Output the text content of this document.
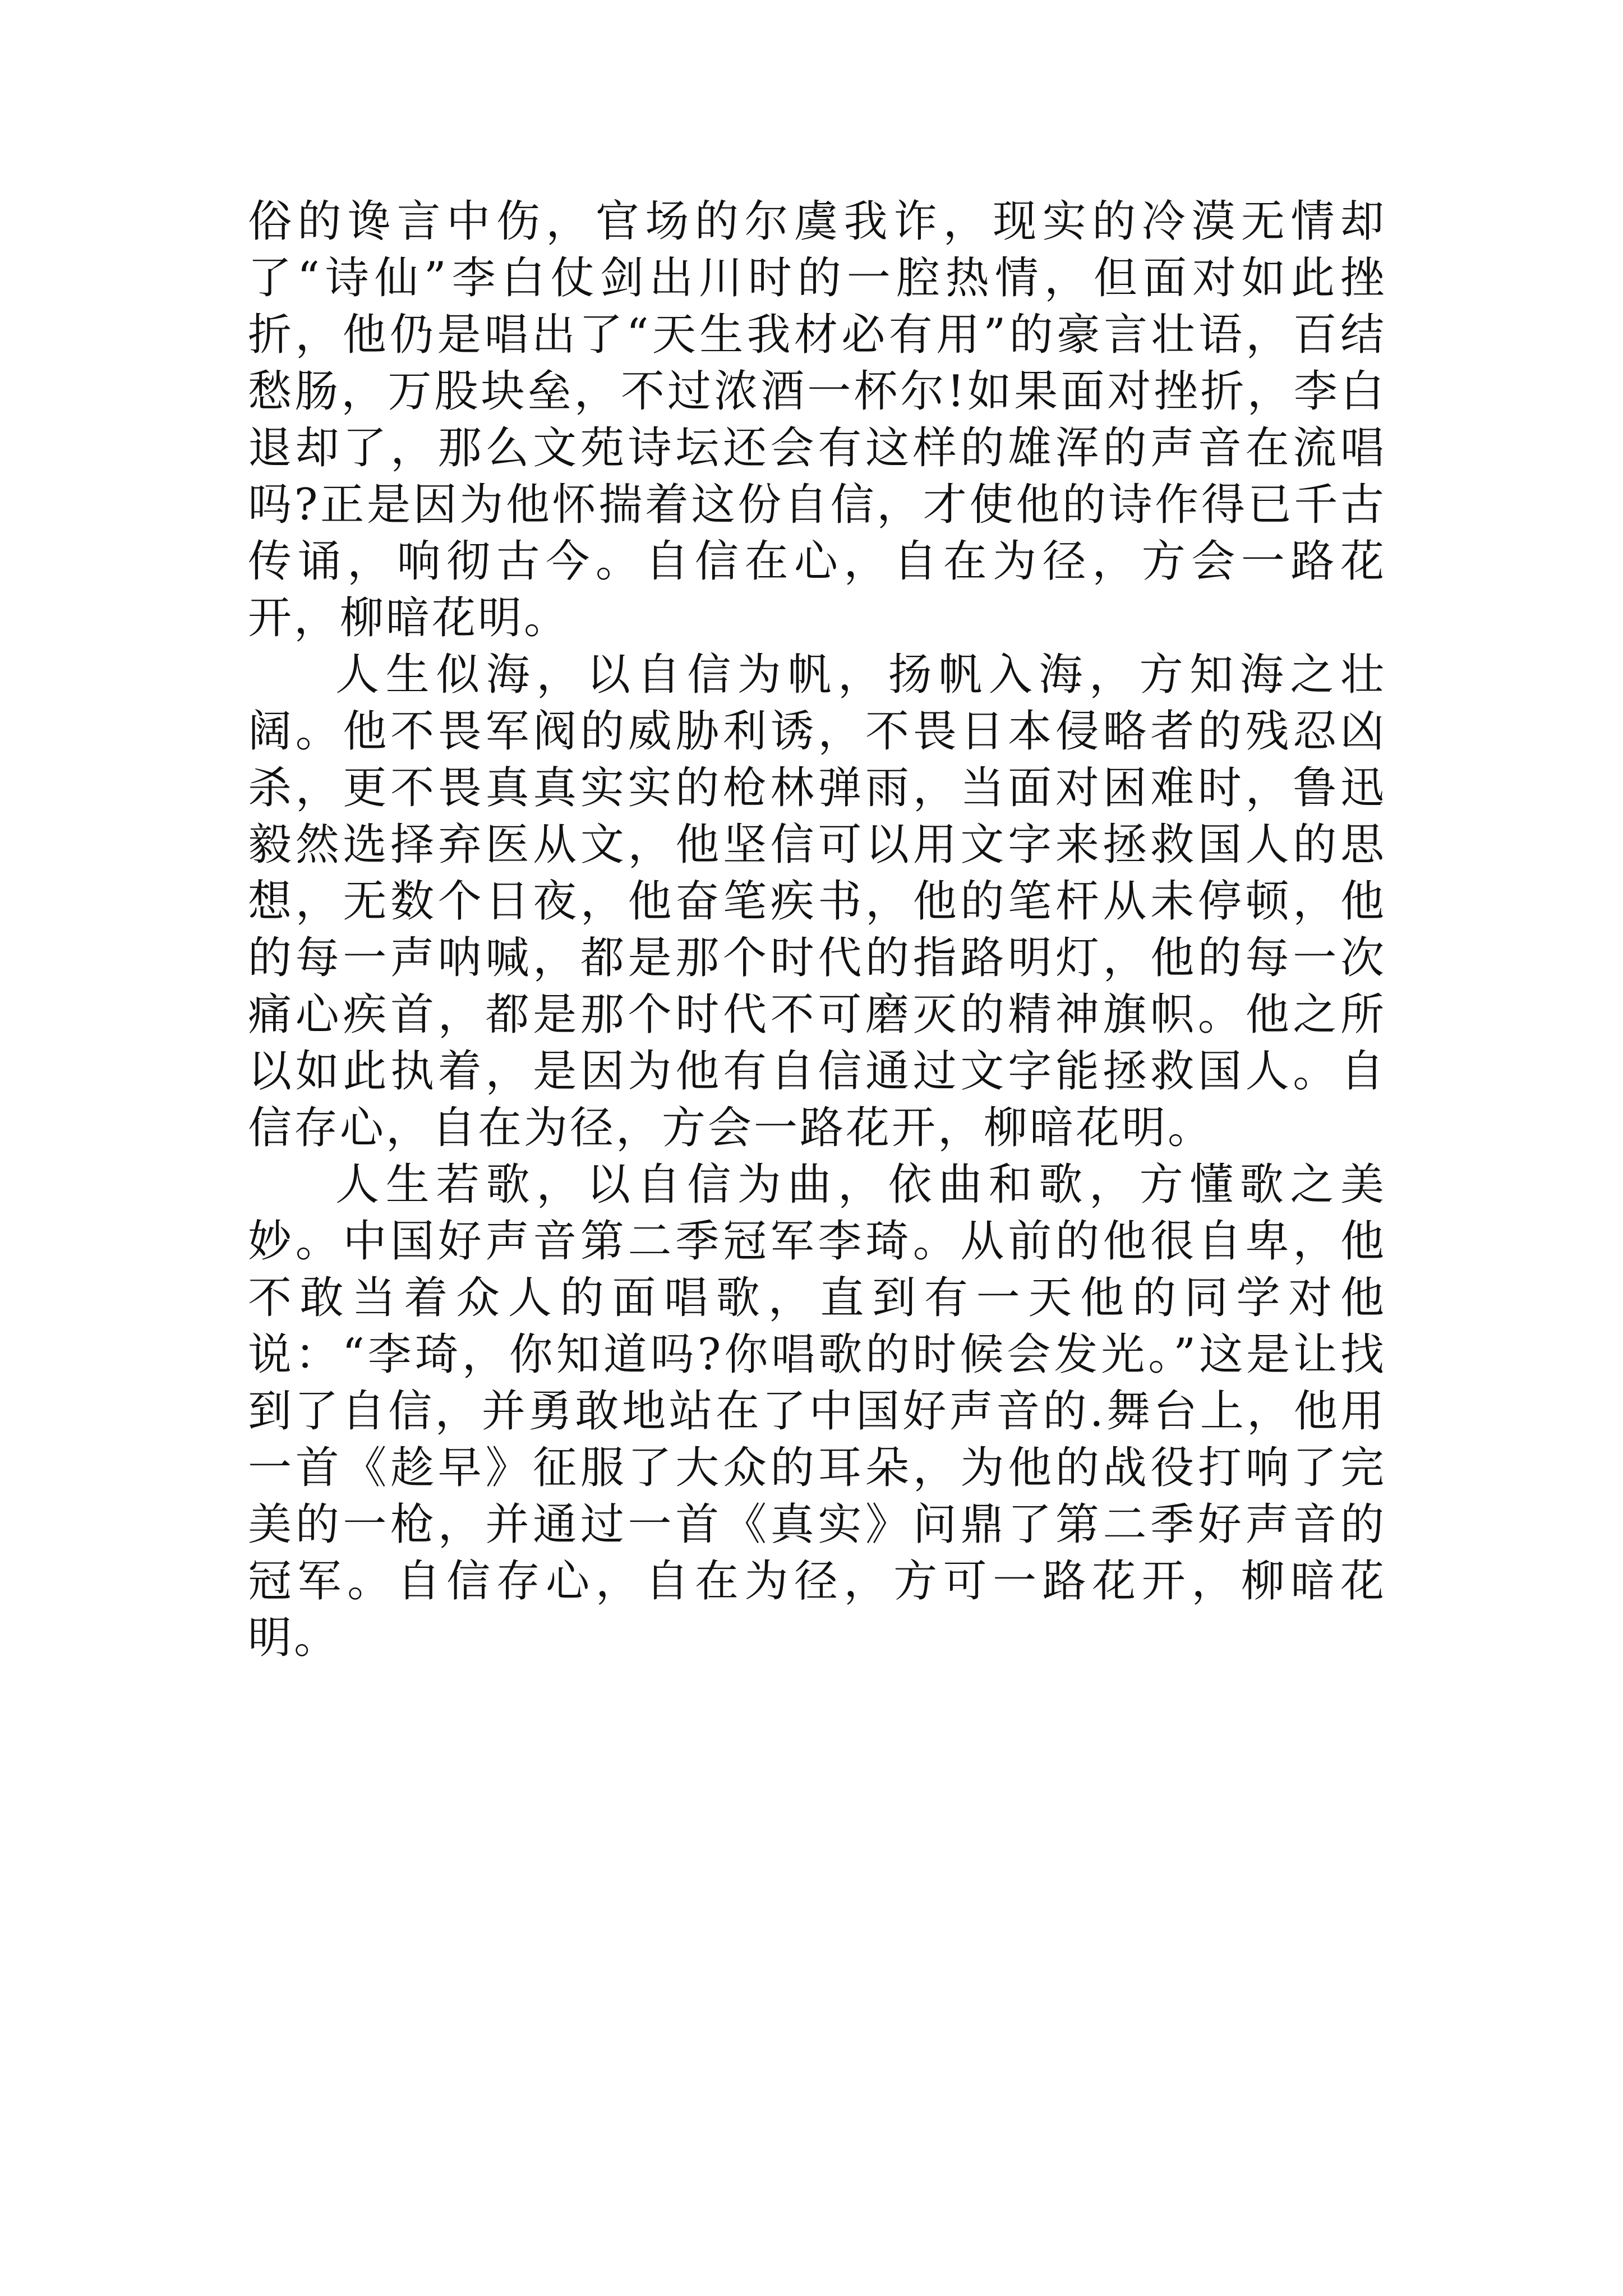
俗的谗言中伤，官场的尔虞我诈，现实的冷漠无情却了“诗仙”李白仗剑出川时的一腔热情，但面对如此挫折，他仍是唱出了“天生我材必有用”的豪言壮语，百结愁肠，万股块垒，不过浓酒一杯尔!如果面对挫折，李白退却了，那么文苑诗坛还会有这样的雄浑的声音在流唱吗?正是因为他怀揣着这份自信，才使他的诗作得已千古传诵，响彻古今。自信在心，自在为径，方会一路花开，柳暗花明。

人生似海，以自信为帆，扬帆入海，方知海之壮阔。他不畏军阀的威胁利诱，不畏日本侵略者的残忍凶杀，更不畏真真实实的枪林弹雨，当面对困难时，鲁迅毅然选择弃医从文，他坚信可以用文字来拯救国人的思想，无数个日夜，他奋笔疾书，他的笔杆从未停顿，他的每一声呐喊，都是那个时代的指路明灯，他的每一次痛心疾首，都是那个时代不可磨灭的精神旗帜。他之所以如此执着，是因为他有自信通过文字能拯救国人。自信存心，自在为径，方会一路花开，柳暗花明。

人生若歌，以自信为曲，依曲和歌，方懂歌之美妙。中国好声音第二季冠军李琦。从前的他很自卑，他不敢当着众人的面唱歌，直到有一天他的同学对他说：“李琦，你知道吗?你唱歌的时候会发光。”这是让找到了自信，并勇敢地站在了中国好声音的.舞台上，他用一首《趁早》征服了大众的耳朵，为他的战役打响了完美的一枪，并通过一首《真实》问鼎了第二季好声音的冠军。自信存心，自在为径，方可一路花开，柳暗花明。
